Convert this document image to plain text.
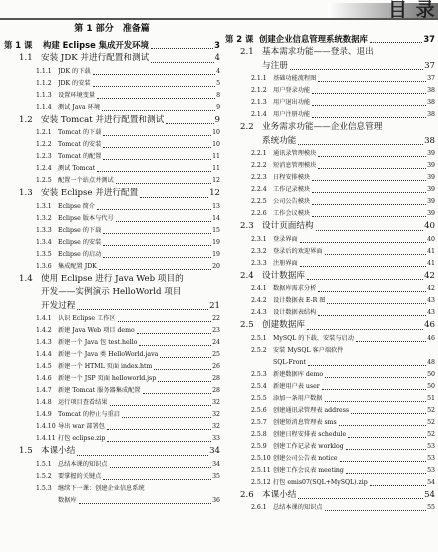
目 录
第 1 部分　准备篇
第 1 课	构建 Eclipse 集成开发环境	3
1.1 安装 JDK 并进行配置和测试	4
1.1.1	JDK 的下载	4
1.1.2	JDK 的安装	5
1.1.3	设置环境变量	8
1.1.4	测试 Java 环境	9
1.2 安装 Tomcat 并进行配置和测试	9
1.2.1	Tomcat 的下载	10
1.2.2	Tomcat 的安装	10
1.2.3	Tomcat 的配置	11
1.2.4	测试 Tomcat	11
1.2.5	配置一个站点并测试	12
1.3 安装 Eclipse 并进行配置	12
1.3.1	Eclipse 简介	13
1.3.2	Eclipse 版本与代号	14
1.3.3	Eclipse 的下载	15
1.3.4	Eclipse 的安装	19
1.3.5	Eclipse 的启动	19
1.3.6	集成配置 JDK	20
1.4 使用 Eclipse 进行 Java Web 项目的
开发——实例演示 HelloWorld 项目
开发过程	21
1.4.1	认识 Eclipse 工作区	22
1.4.2	新建 Java Web 项目 demo	23
1.4.3	新建一个 Java 包 test.hello	24
1.4.4	新建一个 Java 类 HelloWorld.java	25
1.4.5	新建一个 HTML 页面 index.htm	26
1.4.6	新建一个 JSP 页面 helloworld.jsp	28
1.4.7	新建 Tomcat 服务器集成配置	28
1.4.8	运行项目查看结果	32
1.4.9	Tomcat 的停止与重启	32
1.4.10 导出 war 部署包	32
1.4.11 打包 eclipse.zip	33
1.5 本课小结	34
1.5.1	总结本课的知识点	34
1.5.2	要掌握的关键点	35
1.5.3	继续下一课：创建企业信息系统
数据库	36
第 2 课 创建企业信息管理系统数据库	37
2.1 基本需求功能——登录、退出
与注册	37
2.1.1	基础功能流程图	37
2.1.2	用户登录功能	38
2.1.3	用户退出功能	38
2.1.4	用户注册功能	38
2.2 业务需求功能——企业信息管理
系统功能	38
2.2.1	通讯录管理模块	39
2.2.2	短消息管理模块	39
2.2.3	日程安排模块	39
2.2.4	工作记录模块	39
2.2.5	公司公告模块	39
2.2.6	工作会议模块	39
2.3 设计页面结构	40
2.3.1	登录界面	40
2.3.2	登录后的欢迎界面	41
2.3.3	注册界面	41
2.4 设计数据库	42
2.4.1	数据库需求分析	42
2.4.2	设计数据表 E-R 图	43
2.4.3	设计数据表结构	43
2.5 创建数据库	46
2.5.1	MySQL 的下载、安装与启动	46
2.5.2	安装 MySQL 客户端软件
SQL-Front	48
2.5.3	新建数据库 demo	50
2.5.4	新建用户表 user	50
2.5.5	添加一条用户数据	51
2.5.6	创建通讯录管理表 address	52
2.5.7	创建短消息管理表 sms	52
2.5.8	创建日程安排表 schedule	52
2.5.9	创建工作记录表 worklog	53
2.5.10 创建公司公告表 notice	53
2.5.11 创建工作会议表 meeting	53
2.5.12 打包 emis07(SQL+MySQL).zip	54
2.6 本课小结	54
2.6.1	总结本课的知识点	55
